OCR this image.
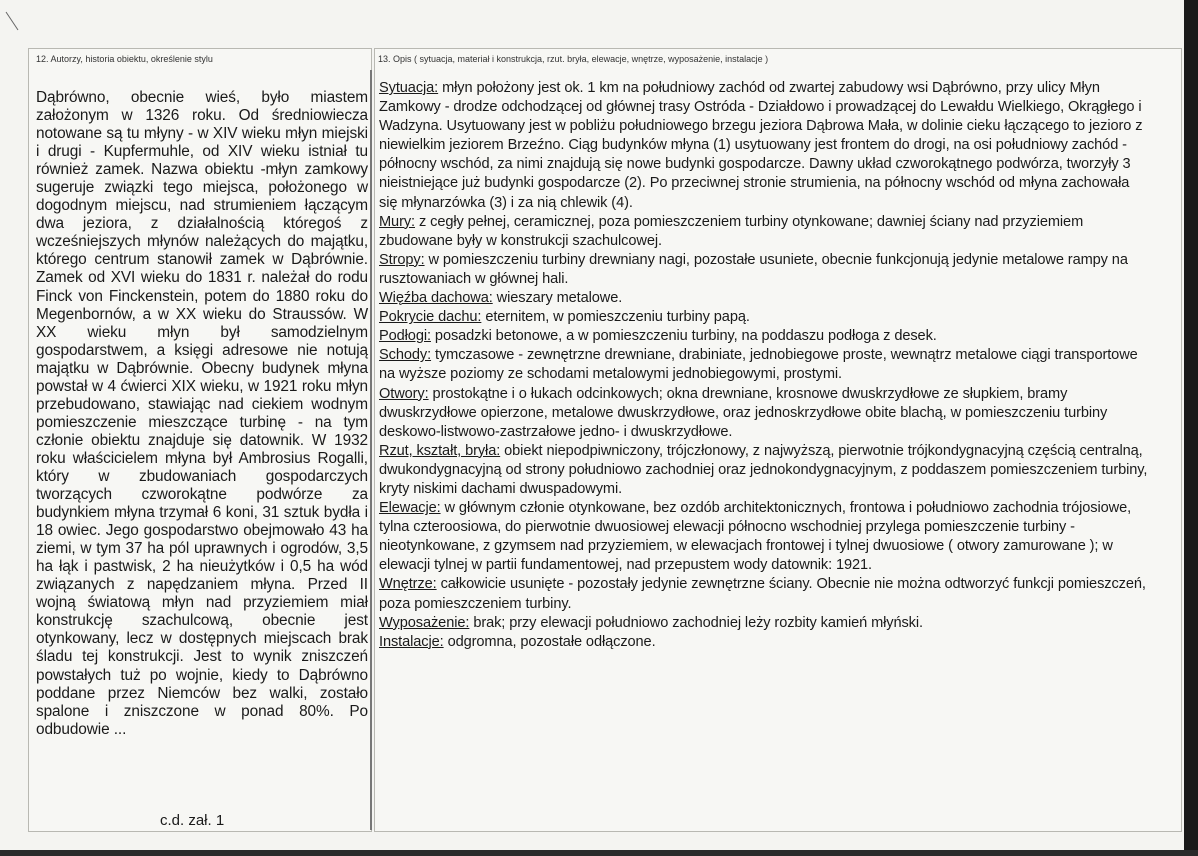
12. Autorzy, historia obiektu, określenie stylu	13. Opis ( sytuacja, materiał i konstrukcja, rzut. bryła, elewacje, wnętrze, wyposażenie, instalacje )

Dąbrówno, obecnie wieś, było miastem założonym w 1326 roku. Od średniowiecza notowane są tu młyny - w XIV wieku młyn miejski i drugi - Kupfermuhle, od XIV wieku istniał tu również zamek. Nazwa obiektu -młyn zamkowy sugeruje związki tego miejsca, położonego w dogodnym miejscu, nad strumieniem łączącym dwa jeziora, z działalnością któregoś z wcześniejszych młynów należących do majątku, którego centrum stanowił zamek w Dąbrównie. Zamek od XVI wieku do 1831 r. należał do rodu Finck von Finckenstein, potem do 1880 roku do Megenbornów, a w XX wieku do Straussów. W XX wieku młyn był samodzielnym gospodarstwem, a księgi adresowe nie notują majątku w Dąbrównie. Obecny budynek młyna powstał w 4 ćwierci XIX wieku, w 1921 roku młyn przebudowano, stawiając nad ciekiem wodnym pomieszczenie mieszczące turbinę - na tym członie obiektu znajduje się datownik. W 1932 roku właścicielem młyna był Ambrosius Rogalli, który w zbudowaniach gospodarczych tworzących czworokątne podwórze za budynkiem młyna trzymał 6 koni, 31 sztuk bydła i 18 owiec. Jego gospodarstwo obejmowało 43 ha ziemi, w tym 37 ha pól uprawnych i ogrodów, 3,5 ha łąk i pastwisk, 2 ha nieużytków i 0,5 ha wód związanych z napędzaniem młyna. Przed II wojną światową młyn nad przyziemiem miał konstrukcję szachulcową, obecnie jest otynkowany, lecz w dostępnych miejscach brak śladu tej konstrukcji. Jest to wynik zniszczeń powstałych tuż po wojnie, kiedy to Dąbrówno poddane przez Niemców bez walki, zostało spalone i zniszczone w ponad 80%. Po odbudowie ...

c.d. zał. 1

Sytuacja: młyn położony jest ok. 1 km na południowy zachód od zwartej zabudowy wsi Dąbrówno, przy ulicy Młyn Zamkowy - drodze odchodzącej od głównej trasy Ostróda - Działdowo i prowadzącej do Lewałdu Wielkiego, Okrągłego i Wadzyna. Usytuowany jest w pobliżu południowego brzegu jeziora Dąbrowa Mała, w dolinie cieku łączącego to jezioro z niewielkim jeziorem Brzeźno. Ciąg budynków młyna (1) usytuowany jest frontem do drogi, na osi południowy zachód - północny wschód, za nimi znajdują się nowe budynki gospodarcze. Dawny układ czworokątnego podwórza, tworzyły 3 nieistniejące już budynki gospodarcze (2). Po przeciwnej stronie strumienia, na północny wschód od młyna zachowała się młynarzówka (3) i za nią chlewik (4).

Mury: z cegły pełnej, ceramicznej, poza pomieszczeniem turbiny otynkowane; dawniej ściany nad przyziemiem zbudowane były w konstrukcji szachulcowej.

Stropy: w pomieszczeniu turbiny drewniany nagi, pozostałe usuniete, obecnie funkcjonują jedynie metalowe rampy na rusztowaniach w głównej hali.

Więźba dachowa: wieszary metalowe.

Pokrycie dachu: eternitem, w pomieszczeniu turbiny papą.

Podłogi: posadzki betonowe, a w pomieszczeniu turbiny, na poddaszu podłoga z desek.

Schody: tymczasowe - zewnętrzne drewniane, drabiniate, jednobiegowe proste, wewnątrz metalowe ciągi transportowe na wyższe poziomy ze schodami metalowymi jednobiegowymi, prostymi.

Otwory: prostokątne i o łukach odcinkowych; okna drewniane, krosnowe dwuskrzydłowe ze słupkiem, bramy dwuskrzydłowe opierzone, metalowe dwuskrzydłowe, oraz jednoskrzydłowe obite blachą, w pomieszczeniu turbiny deskowo-listwowo-zastrzałowe jedno- i dwuskrzydłowe.

Rzut, kształt, bryła: obiekt niepodpiwniczony, trójczłonowy, z najwyższą, pierwotnie trójkondygnacyjną częścią centralną, dwukondygnacyjną od strony południowo zachodniej oraz jednokondygnacyjnym, z poddaszem pomieszczeniem turbiny, kryty niskimi dachami dwuspadowymi.

Elewacje: w głównym członie otynkowane, bez ozdób architektonicznych, frontowa i południowo zachodnia trójosiowe, tylna czteroosiowa, do pierwotnie dwuosiowej elewacji północno wschodniej przylega pomieszczenie turbiny - nieotynkowane, z gzymsem nad przyziemiem, w elewacjach frontowej i tylnej dwuosiowe ( otwory zamurowane ); w elewacji tylnej w partii fundamentowej, nad przepustem wody datownik: 1921.

Wnętrze: całkowicie usunięte - pozostały jedynie zewnętrzne ściany. Obecnie nie można odtworzyć funkcji pomieszczeń, poza pomieszczeniem turbiny.

Wyposażenie: brak; przy elewacji południowo zachodniej leży rozbity kamień młyński.

Instalacje: odgromna, pozostałe odłączone.
